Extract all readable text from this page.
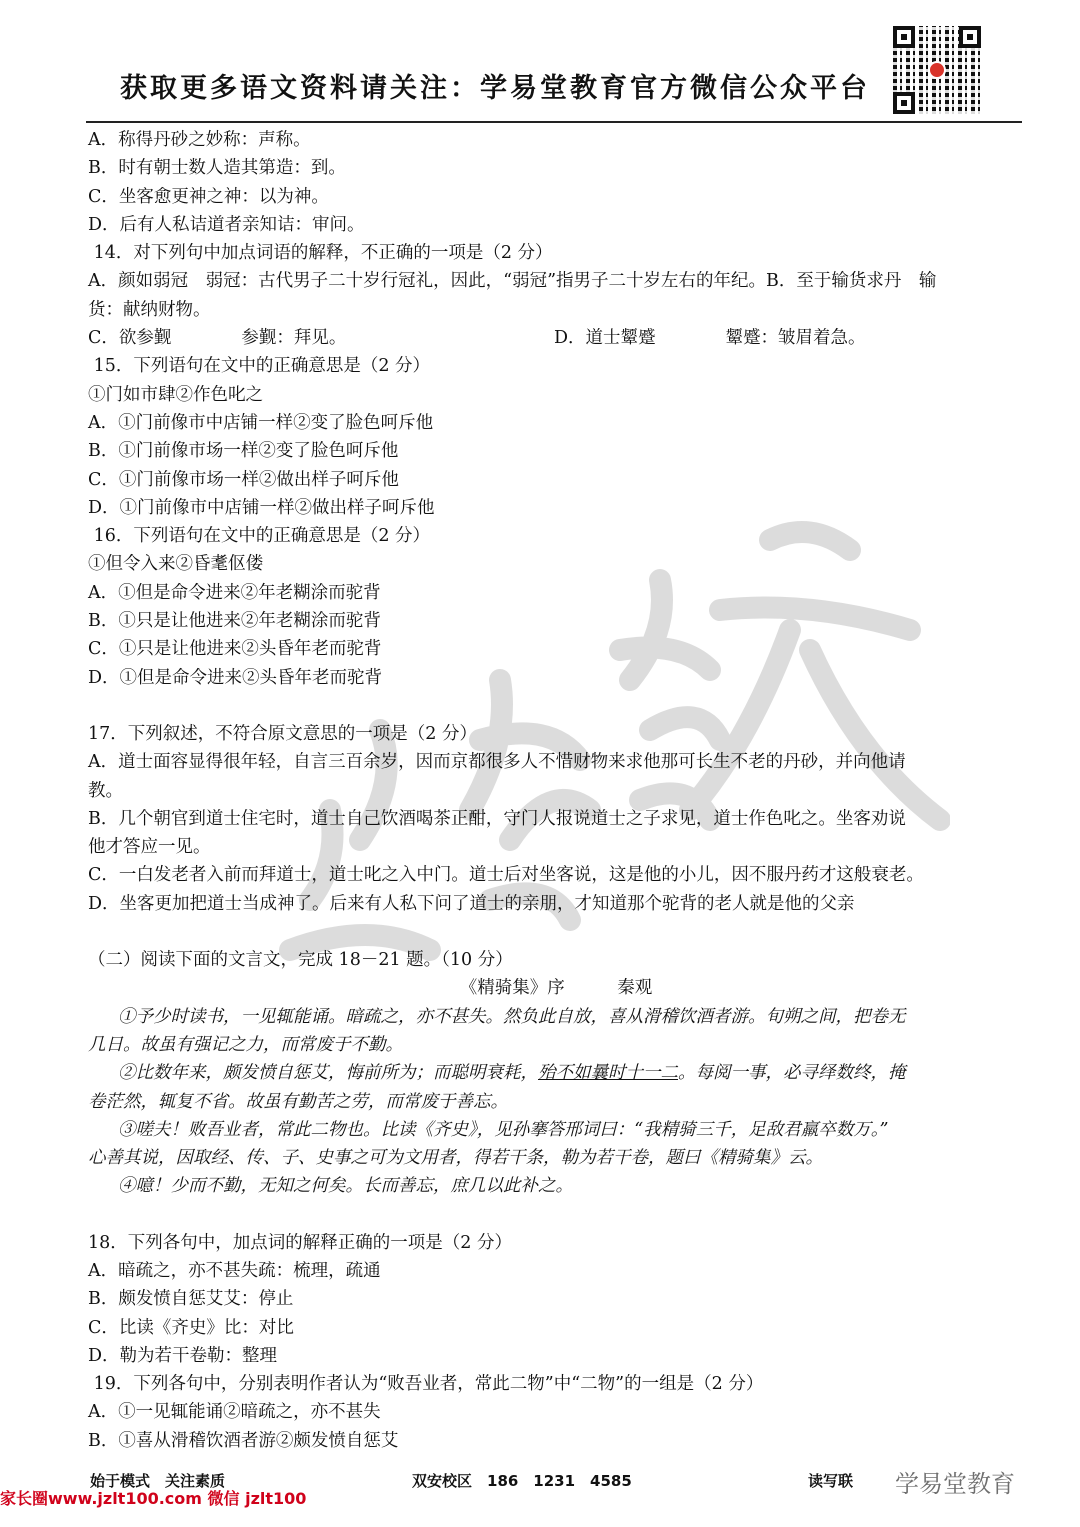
获取更多语文资料请关注：学易堂教育官方微信公众平台

A．称得丹砂之妙称：声称。

B．时有朝士数人造其第造：到。

C．坐客愈更神之神：以为神。

D．后有人私诘道者亲知诘：审问。

14．对下列句中加点词语的解释，不正确的一项是（2 分）

A．颜如弱冠　弱冠：古代男子二十岁行冠礼，因此，“弱冠”指男子二十岁左右的年纪。B．至于输货求丹　输

货：献纳财物。

C．欲参觐　　　　参觐：拜见。	D．道士颦蹙　　　　颦蹙：皱眉着急。

15．下列语句在文中的正确意思是（2 分）

①门如市肆②作色叱之

A．①门前像市中店铺一样②变了脸色呵斥他

B．①门前像市场一样②变了脸色呵斥他

C．①门前像市场一样②做出样子呵斥他

D．①门前像市中店铺一样②做出样子呵斥他

16．下列语句在文中的正确意思是（2 分）

①但令入来②昏耄伛偻

A．①但是命令进来②年老糊涂而驼背

B．①只是让他进来②年老糊涂而驼背

C．①只是让他进来②头昏年老而驼背

D．①但是命令进来②头昏年老而驼背

17．下列叙述，不符合原文意思的一项是（2 分）

A．道士面容显得很年轻，自言三百余岁，因而京都很多人不惜财物来求他那可长生不老的丹砂，并向他请

教。

B．几个朝官到道士住宅时，道士自己饮酒喝茶正酣，守门人报说道士之子求见，道士作色叱之。坐客劝说

他才答应一见。

C．一白发老者入前而拜道士，道士叱之入中门。道士后对坐客说，这是他的小儿，因不服丹药才这般衰老。

D．坐客更加把道士当成神了。后来有人私下问了道士的亲朋，才知道那个驼背的老人就是他的父亲

（二）阅读下面的文言文，完成 18－21 题。（10 分）

《精骑集》序　　　秦观

①予少时读书，一见辄能诵。暗疏之，亦不甚失。然负此自放，喜从滑稽饮酒者游。旬朔之间，把卷无

几日。故虽有强记之力，而常废于不勤。

②比数年来，颇发愤自惩艾，悔前所为；而聪明衰耗，殆不如曩时十一二。每阅一事，必寻绎数终，掩

卷茫然，辄复不省。故虽有勤苦之劳，而常废于善忘。

③嗟夫！败吾业者，常此二物也。比读《齐史》，见孙搴答邢词曰：“我精骑三千，足敌君羸卒数万。”

心善其说，因取经、传、子、史事之可为文用者，得若干条，勒为若干卷，题曰《精骑集》云。

④噫！少而不勤，无知之何矣。长而善忘，庶几以此补之。

18．下列各句中，加点词的解释正确的一项是（2 分）

A．暗疏之，亦不甚失疏：梳理，疏通

B．颇发愤自惩艾艾：停止

C．比读《齐史》比：对比

D．勒为若干卷勒：整理

19．下列各句中，分别表明作者认为“败吾业者，常此二物”中“二物”的一组是（2 分）

A．①一见辄能诵②暗疏之，亦不甚失

B．①喜从滑稽饮酒者游②颇发愤自惩艾

始于模式　关注素质	双安校区　186　1231　4585	读写联 学易堂教育
家长圈www.jzlt100.com 微信 jzlt100
